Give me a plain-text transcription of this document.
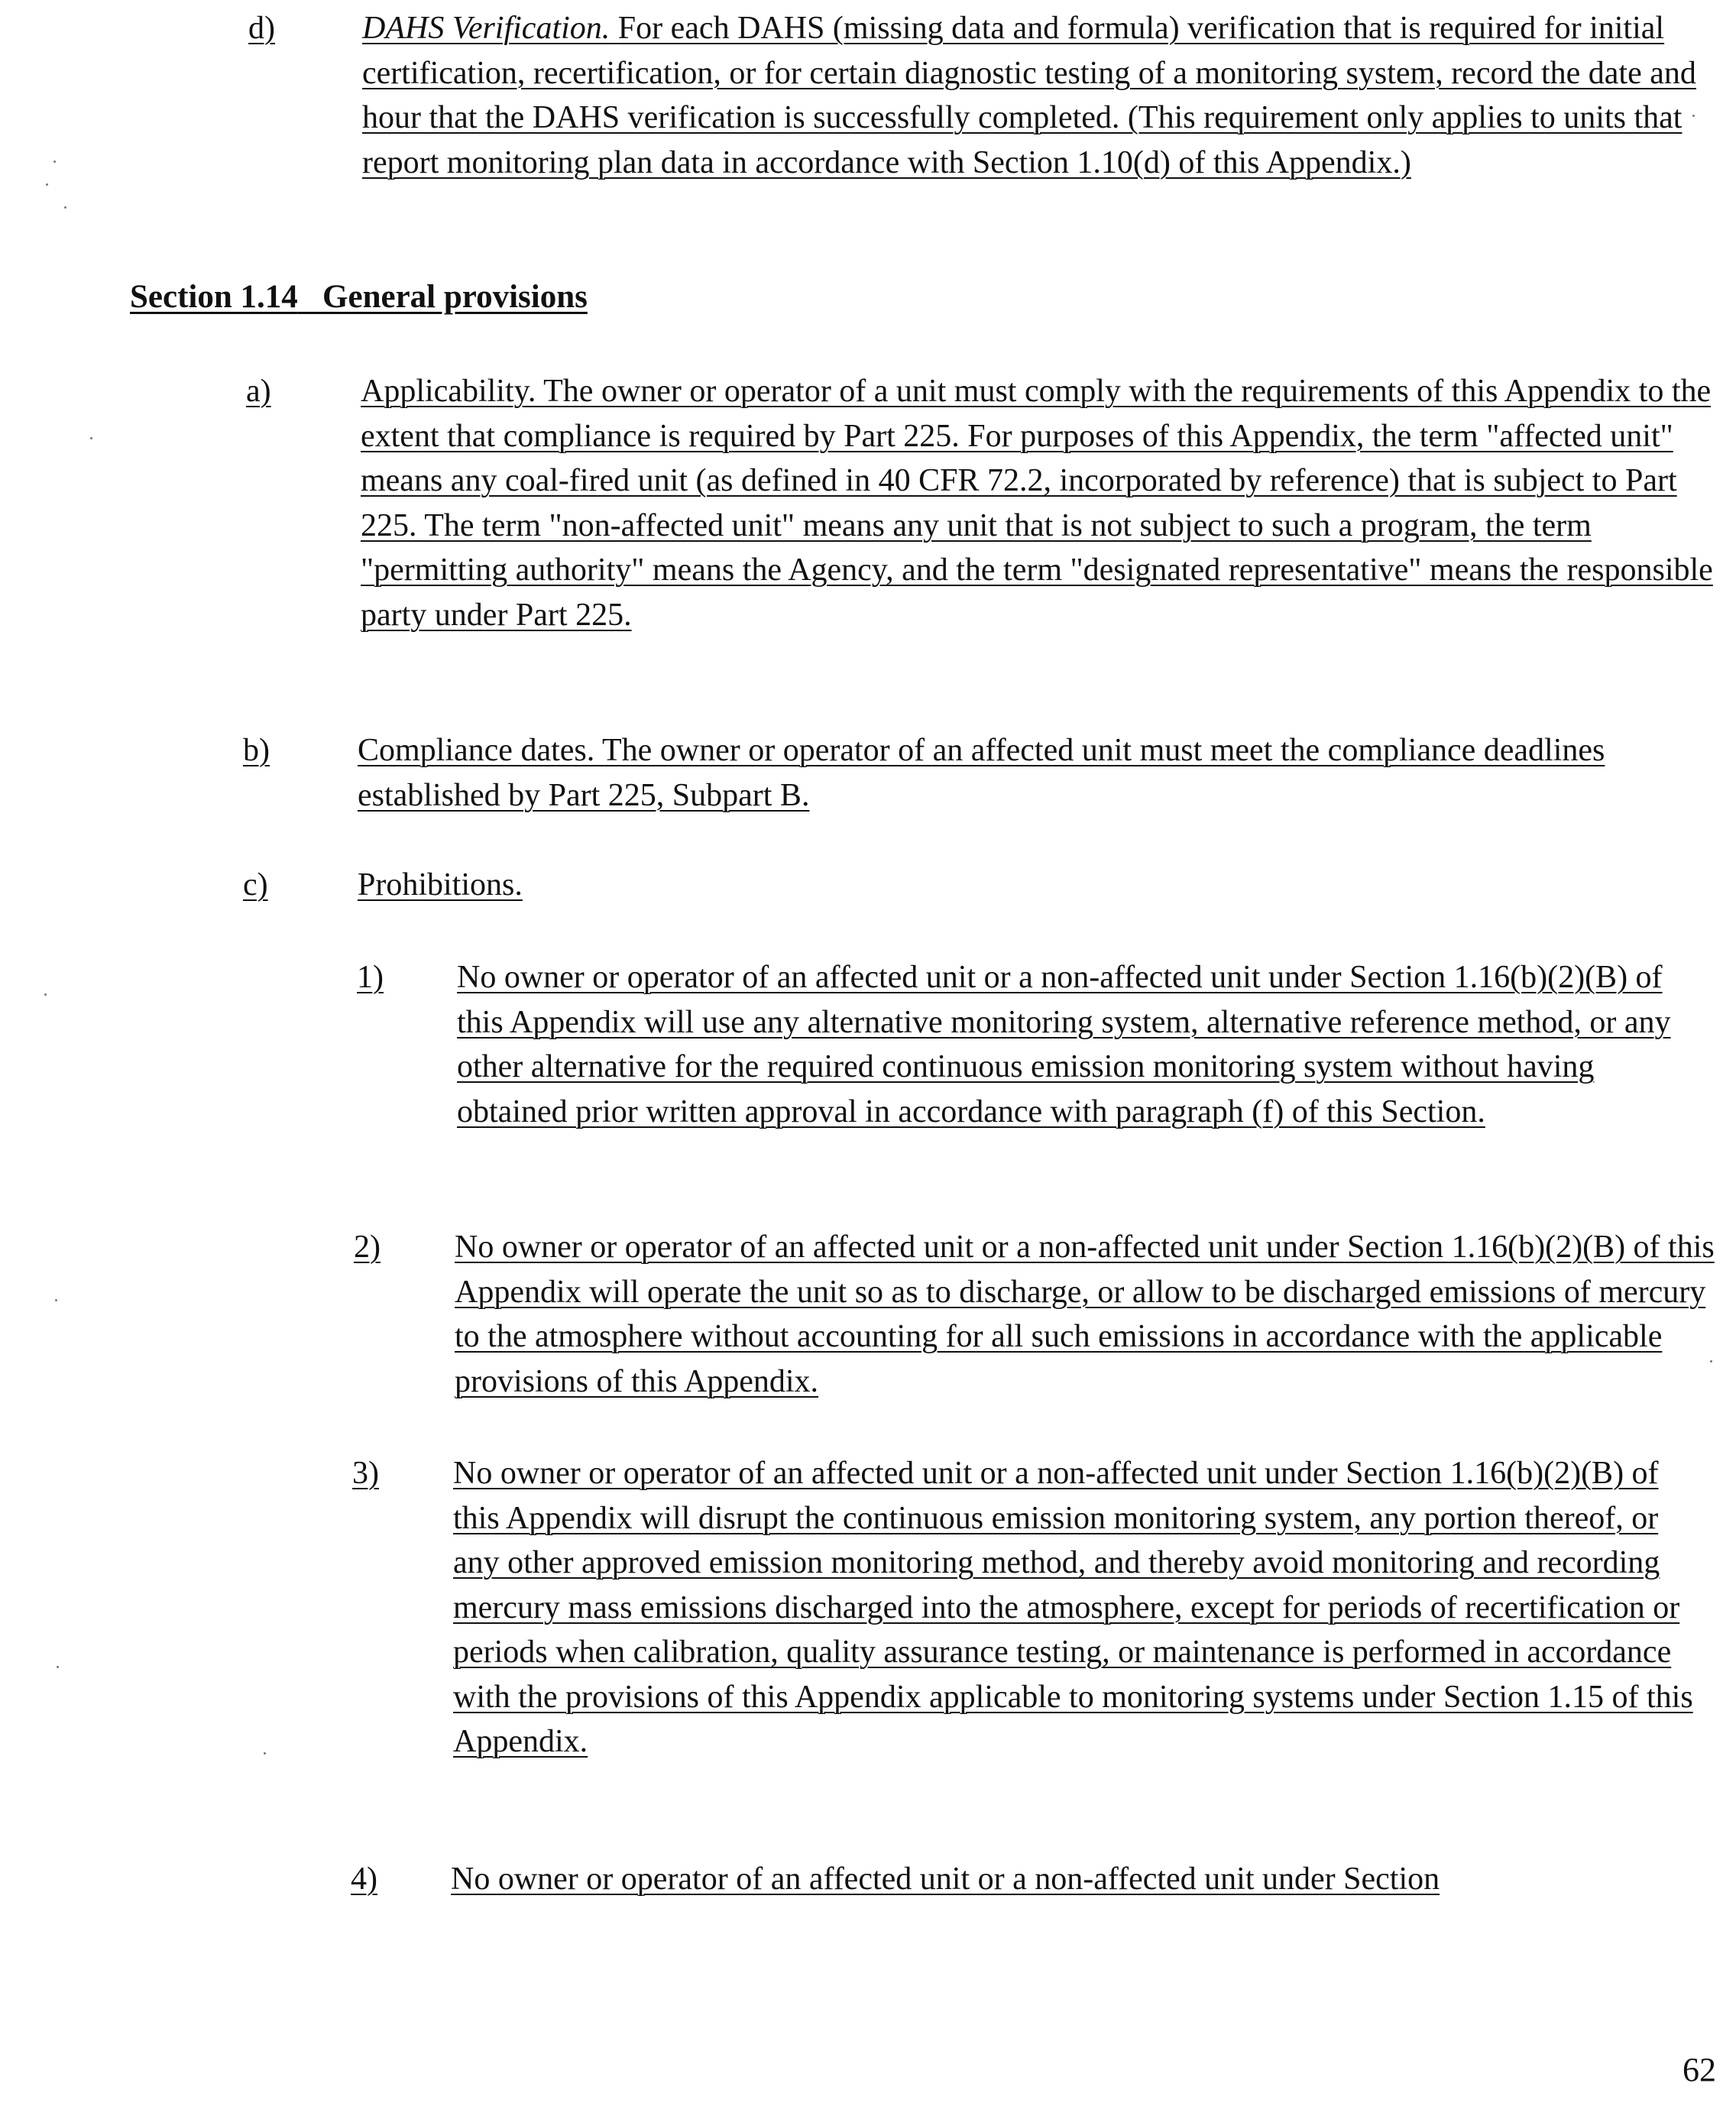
d)	DAHS Verification. For each DAHS (missing data and formula) verification that is required for initial certification, recertification, or for certain diagnostic testing of a monitoring system, record the date and hour that the DAHS verification is successfully completed. (This requirement only applies to units that report monitoring plan data in accordance with Section 1.10(d) of this Appendix.)
Section 1.14 General provisions
a)	Applicability. The owner or operator of a unit must comply with the requirements of this Appendix to the extent that compliance is required by Part 225. For purposes of this Appendix, the term "affected unit" means any coal-fired unit (as defined in 40 CFR 72.2, incorporated by reference) that is subject to Part 225. The term "non-affected unit" means any unit that is not subject to such a program, the term "permitting authority" means the Agency, and the term "designated representative" means the responsible party under Part 225.
b)	Compliance dates. The owner or operator of an affected unit must meet the compliance deadlines established by Part 225, Subpart B.
c)	Prohibitions.
1) No owner or operator of an affected unit or a non-affected unit under Section 1.16(b)(2)(B) of this Appendix will use any alternative monitoring system, alternative reference method, or any other alternative for the required continuous emission monitoring system without having obtained prior written approval in accordance with paragraph (f) of this Section.
2) No owner or operator of an affected unit or a non-affected unit under Section 1.16(b)(2)(B) of this Appendix will operate the unit so as to discharge, or allow to be discharged emissions of mercury to the atmosphere without accounting for all such emissions in accordance with the applicable provisions of this Appendix.
3) No owner or operator of an affected unit or a non-affected unit under Section 1.16(b)(2)(B) of this Appendix will disrupt the continuous emission monitoring system, any portion thereof, or any other approved emission monitoring method, and thereby avoid monitoring and recording mercury mass emissions discharged into the atmosphere, except for periods of recertification or periods when calibration, quality assurance testing, or maintenance is performed in accordance with the provisions of this Appendix applicable to monitoring systems under Section 1.15 of this Appendix.
4) No owner or operator of an affected unit or a non-affected unit under Section
62
